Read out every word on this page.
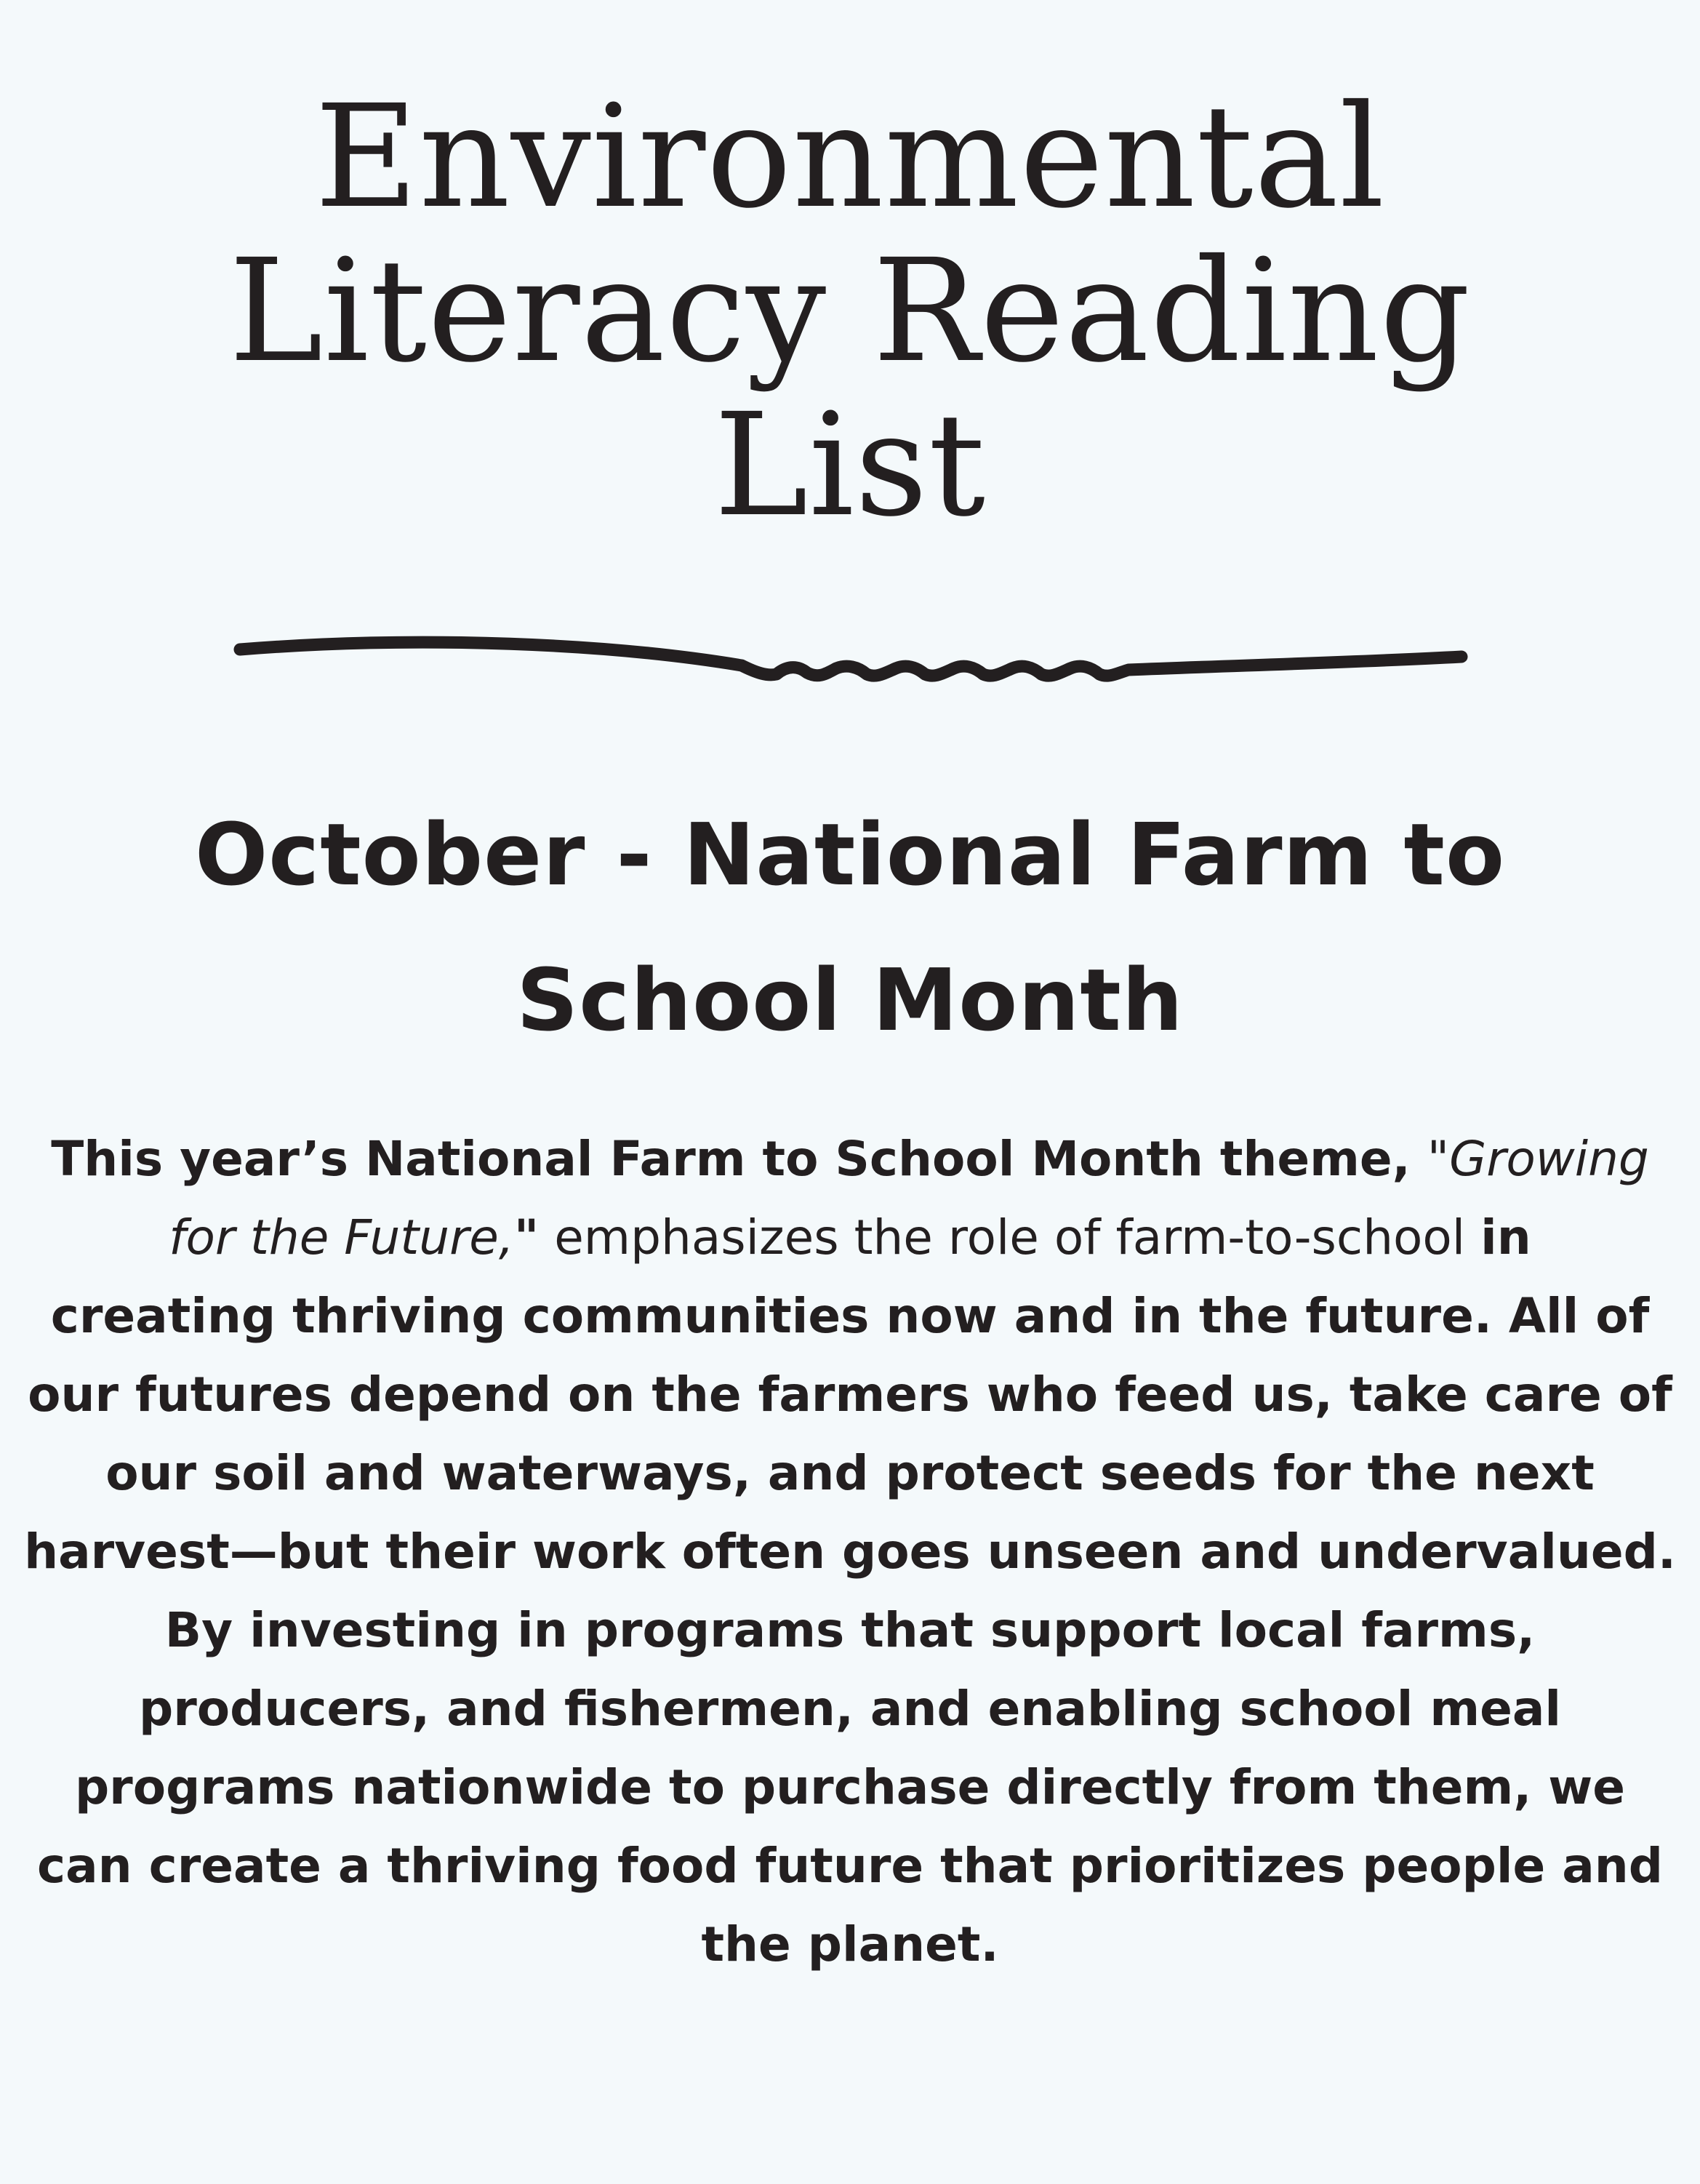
Environmental
Literacy Reading
List
October - National Farm to
School Month
This year’s National Farm to School Month theme, "Growing
for the Future," emphasizes the role of farm-to-school in
creating thriving communities now and in the future. All of
our futures depend on the farmers who feed us, take care of
our soil and waterways, and protect seeds for the next
harvest—but their work often goes unseen and undervalued.
By investing in programs that support local farms,
producers, and fishermen, and enabling school meal
programs nationwide to purchase directly from them, we
can create a thriving food future that prioritizes people and
the planet.
